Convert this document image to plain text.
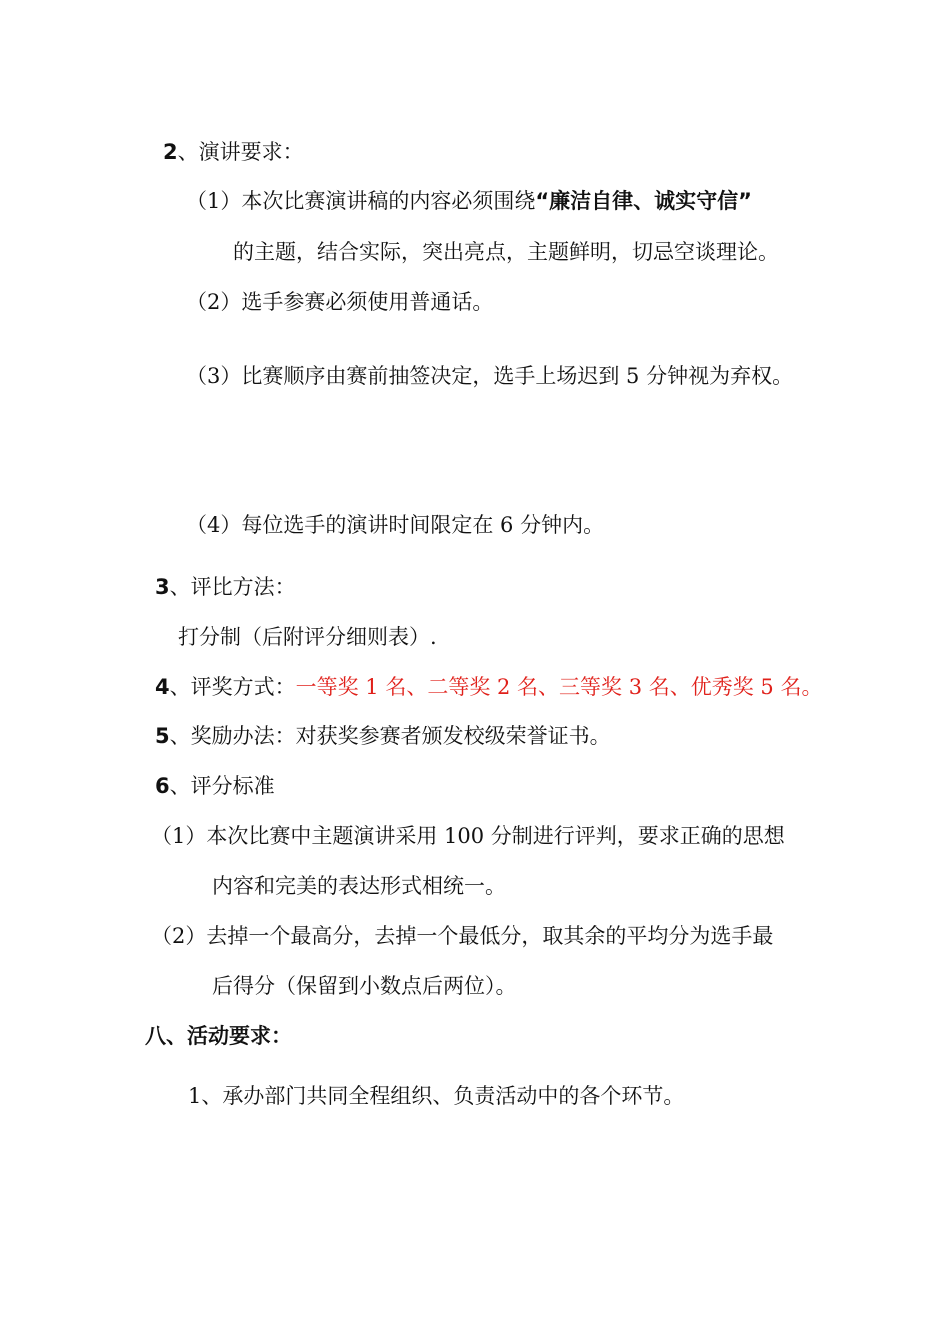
2、演讲要求：
（1）本次比赛演讲稿的内容必须围绕“廉洁自律、诚实守信”
的主题，结合实际，突出亮点，主题鲜明，切忌空谈理论。
（2）选手参赛必须使用普通话。
（3）比赛顺序由赛前抽签决定，选手上场迟到 5 分钟视为弃权。
（4）每位选手的演讲时间限定在 6 分钟内。
3、评比方法：
打分制（后附评分细则表）.
4、评奖方式：一等奖 1 名、二等奖 2 名、三等奖 3 名、优秀奖 5 名。
5、奖励办法：对获奖参赛者颁发校级荣誉证书。
6、评分标准
（1）本次比赛中主题演讲采用 100 分制进行评判，要求正确的思想
内容和完美的表达形式相统一。
（2）去掉一个最高分，去掉一个最低分，取其余的平均分为选手最
后得分（保留到小数点后两位）。
八、活动要求：
1、承办部门共同全程组织、负责活动中的各个环节。
